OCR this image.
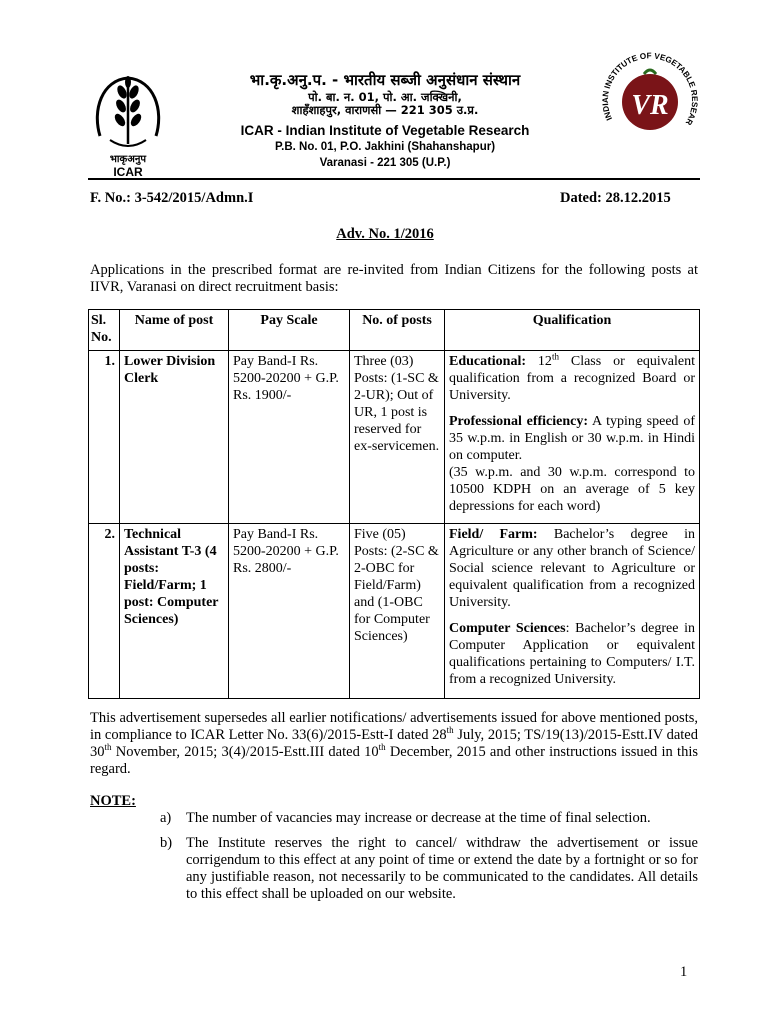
भाकृअनुप
ICAR
INDIAN INSTITUTE OF VEGETABLE RESEAR
VR
भा.कृ.अनु.प. - भारतीय सब्जी अनुसंधान संस्थान
पो. बा. न. 01, पो. आ. जक्खिनी,
शाहँशाहपुर, वाराणसी — 221 305 उ.प्र.
ICAR - Indian Institute of Vegetable Research
P.B. No. 01, P.O. Jakhini (Shahanshapur)
Varanasi - 221 305 (U.P.)
F. No.: 3-542/2015/Admn.I	Dated: 28.12.2015
Adv. No. 1/2016
Applications in the prescribed format are re-invited from Indian Citizens for the following posts at IIVR, Varanasi on direct recruitment basis:
Sl. No.	Name of post	Pay Scale	No. of posts	Qualification
1.	Lower Division Clerk	Pay Band-I Rs. 5200-20200 + G.P. Rs. 1900/-	Three (03) Posts: (1-SC & 2-UR); Out of UR, 1 post is reserved for ex-servicemen.	Educational: 12th Class or equivalent qualification from a recognized Board or University.

Professional efficiency: A typing speed of 35 w.p.m. in English or 30 w.p.m. in Hindi on computer.

(35 w.p.m. and 30 w.p.m. correspond to 10500 KDPH on an average of 5 key depressions for each word)

2.	Technical Assistant T-3 (4 posts: Field/Farm; 1 post: Computer Sciences)	Pay Band-I Rs. 5200-20200 + G.P. Rs. 2800/-	Five (05) Posts: (2-SC & 2-OBC for Field/Farm) and (1-OBC for Computer Sciences)	Field/ Farm: Bachelor’s degree in Agriculture or any other branch of Science/ Social science relevant to Agriculture or equivalent qualification from a recognized University.

Computer Sciences: Bachelor’s degree in Computer Application or equivalent qualifications pertaining to Computers/ I.T. from a recognized University.

This advertisement supersedes all earlier notifications/ advertisements issued for above mentioned posts, in compliance to ICAR Letter No. 33(6)/2015-Estt-I dated 28th July, 2015; TS/19(13)/2015-Estt.IV dated 30th November, 2015; 3(4)/2015-Estt.III dated 10th December, 2015 and other instructions issued in this regard.
NOTE:
a) The number of vacancies may increase or decrease at the time of final selection.
b) The Institute reserves the right to cancel/ withdraw the advertisement or issue corrigendum to this effect at any point of time or extend the date by a fortnight or so for any justifiable reason, not necessarily to be communicated to the candidates. All details to this effect shall be uploaded on our website.
1
